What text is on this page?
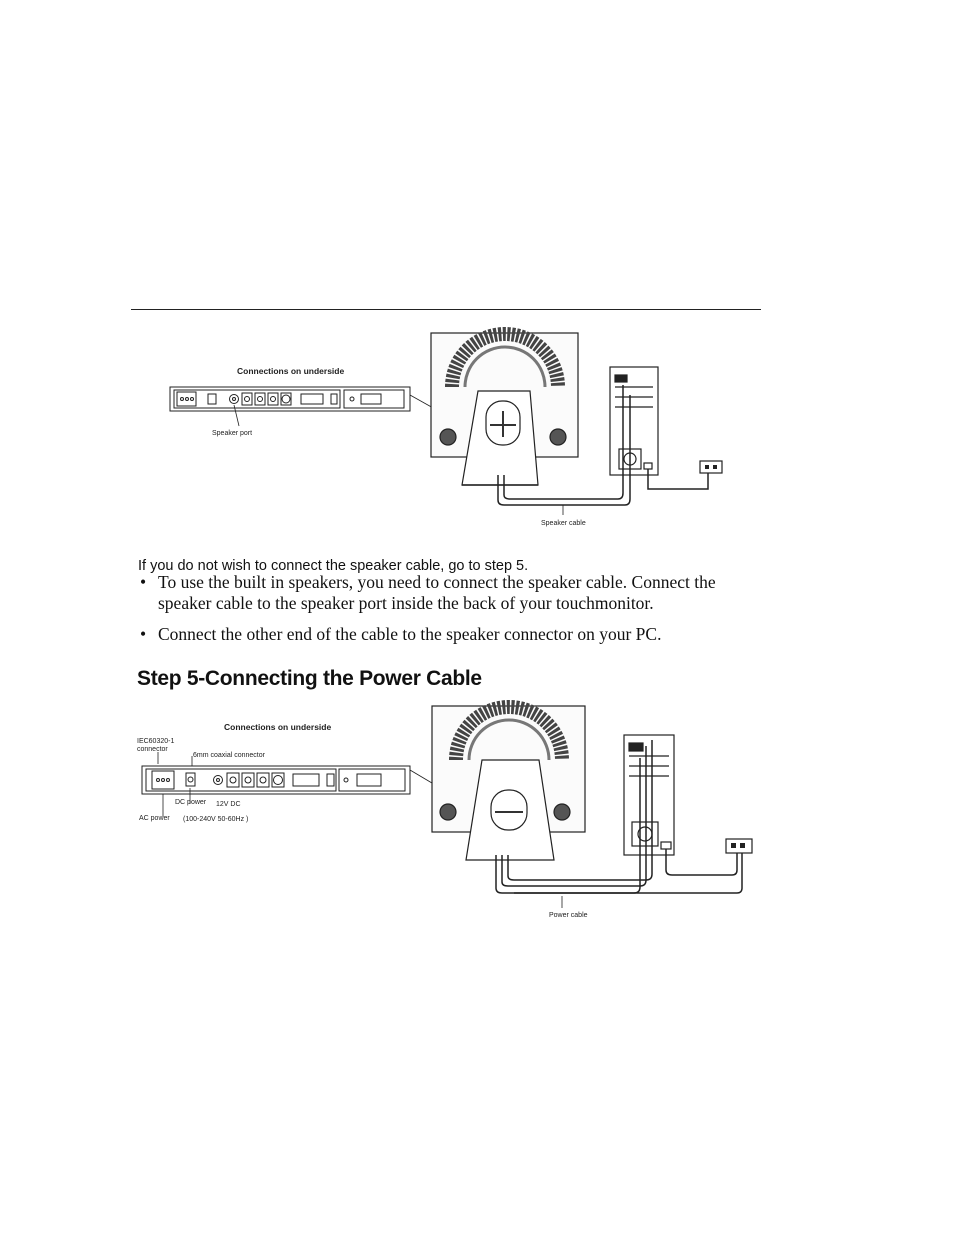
Connections on underside
Speaker port
Speaker cable

If you do not wish to connect the speaker cable, go to step 5.

• To use the built in speakers, you need to connect the speaker cable. Connect the speaker cable to the speaker port inside the back of your touchmonitor.
• Connect the other end of the cable to the speaker connector on your PC.
Step 5-Connecting the Power Cable
Connections on underside
IEC60320-1
connector
6mm coaxial connector
DC power 12V DC
AC power (100-240V 50-60Hz )
Power cable
